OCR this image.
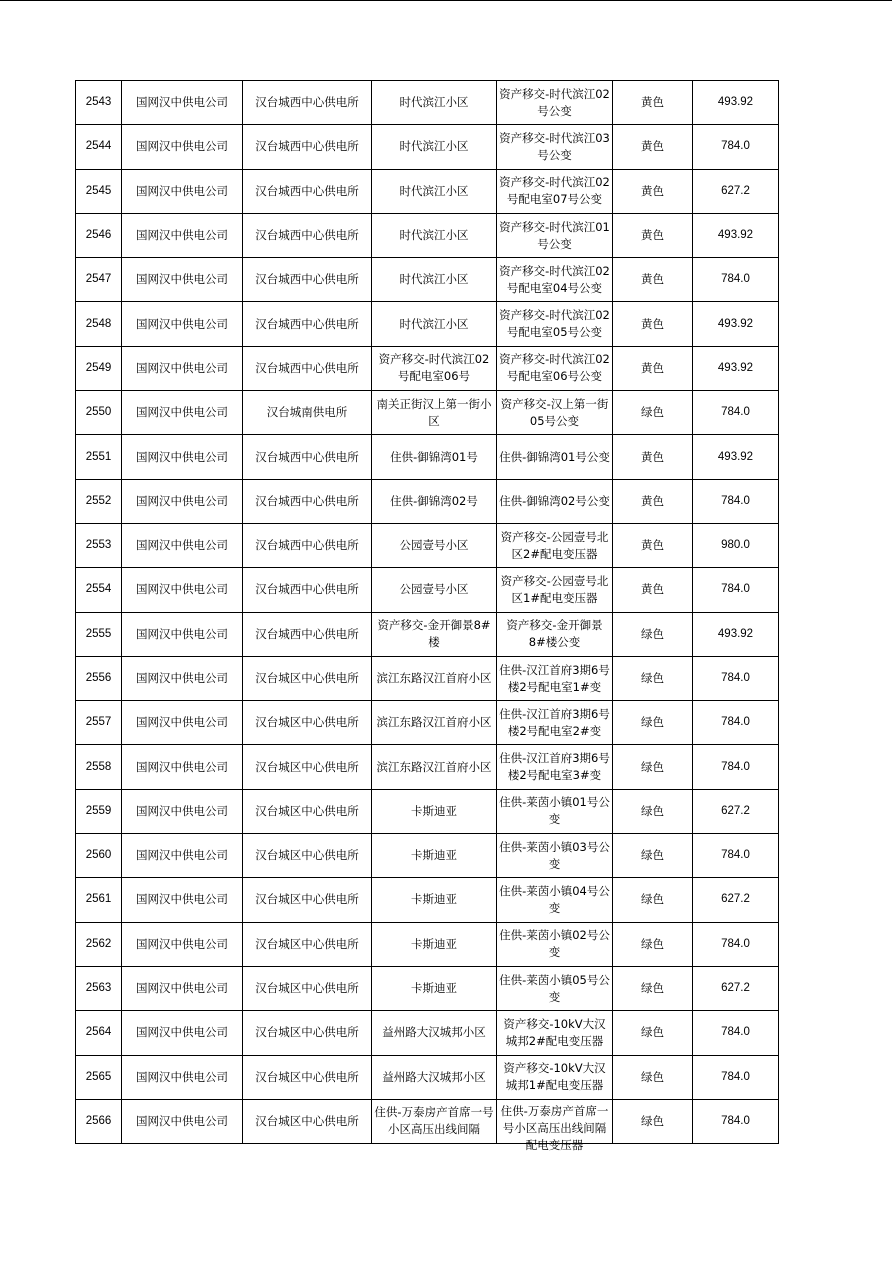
2543	国网汉中供电公司	汉台城西中心供电所	时代滨江小区	资产移交-时代滨江02号公变	黄色	493.92

2544	国网汉中供电公司	汉台城西中心供电所	时代滨江小区	资产移交-时代滨江03号公变	黄色	784.0

2545	国网汉中供电公司	汉台城西中心供电所	时代滨江小区	资产移交-时代滨江02号配电室07号公变	黄色	627.2

2546	国网汉中供电公司	汉台城西中心供电所	时代滨江小区	资产移交-时代滨江01号公变	黄色	493.92

2547	国网汉中供电公司	汉台城西中心供电所	时代滨江小区	资产移交-时代滨江02号配电室04号公变	黄色	784.0

2548	国网汉中供电公司	汉台城西中心供电所	时代滨江小区	资产移交-时代滨江02号配电室05号公变	黄色	493.92

2549	国网汉中供电公司	汉台城西中心供电所	资产移交-时代滨江02号配电室06号	资产移交-时代滨江02号配电室06号公变	黄色	493.92

2550	国网汉中供电公司	汉台城南供电所	南关正街汉上第一街小区	资产移交-汉上第一街05号公变	绿色	784.0

2551	国网汉中供电公司	汉台城西中心供电所	住供-御锦湾01号	住供-御锦湾01号公变	黄色	493.92

2552	国网汉中供电公司	汉台城西中心供电所	住供-御锦湾02号	住供-御锦湾02号公变	黄色	784.0

2553	国网汉中供电公司	汉台城西中心供电所	公园壹号小区	资产移交-公园壹号北区2#配电变压器	黄色	980.0

2554	国网汉中供电公司	汉台城西中心供电所	公园壹号小区	资产移交-公园壹号北区1#配电变压器	黄色	784.0

2555	国网汉中供电公司	汉台城西中心供电所	资产移交-金开御景8#楼	资产移交-金开御景8#楼公变	绿色	493.92

2556	国网汉中供电公司	汉台城区中心供电所	滨江东路汉江首府小区	住供-汉江首府3期6号楼2号配电室1#变	绿色	784.0

2557	国网汉中供电公司	汉台城区中心供电所	滨江东路汉江首府小区	住供-汉江首府3期6号楼2号配电室2#变	绿色	784.0

2558	国网汉中供电公司	汉台城区中心供电所	滨江东路汉江首府小区	住供-汉江首府3期6号楼2号配电室3#变	绿色	784.0

2559	国网汉中供电公司	汉台城区中心供电所	卡斯迪亚	住供-莱茵小镇01号公变	绿色	627.2

2560	国网汉中供电公司	汉台城区中心供电所	卡斯迪亚	住供-莱茵小镇03号公变	绿色	784.0

2561	国网汉中供电公司	汉台城区中心供电所	卡斯迪亚	住供-莱茵小镇04号公变	绿色	627.2

2562	国网汉中供电公司	汉台城区中心供电所	卡斯迪亚	住供-莱茵小镇02号公变	绿色	784.0

2563	国网汉中供电公司	汉台城区中心供电所	卡斯迪亚	住供-莱茵小镇05号公变	绿色	627.2

2564	国网汉中供电公司	汉台城区中心供电所	益州路大汉城邦小区	资产移交-10kV大汉城邦2#配电变压器	绿色	784.0

2565	国网汉中供电公司	汉台城区中心供电所	益州路大汉城邦小区	资产移交-10kV大汉城邦1#配电变压器	绿色	784.0

2566	国网汉中供电公司	汉台城区中心供电所	住供-万泰房产首席一号小区高压出线间隔	住供-万泰房产首席一号小区高压出线间隔配电变压器	绿色	784.0
